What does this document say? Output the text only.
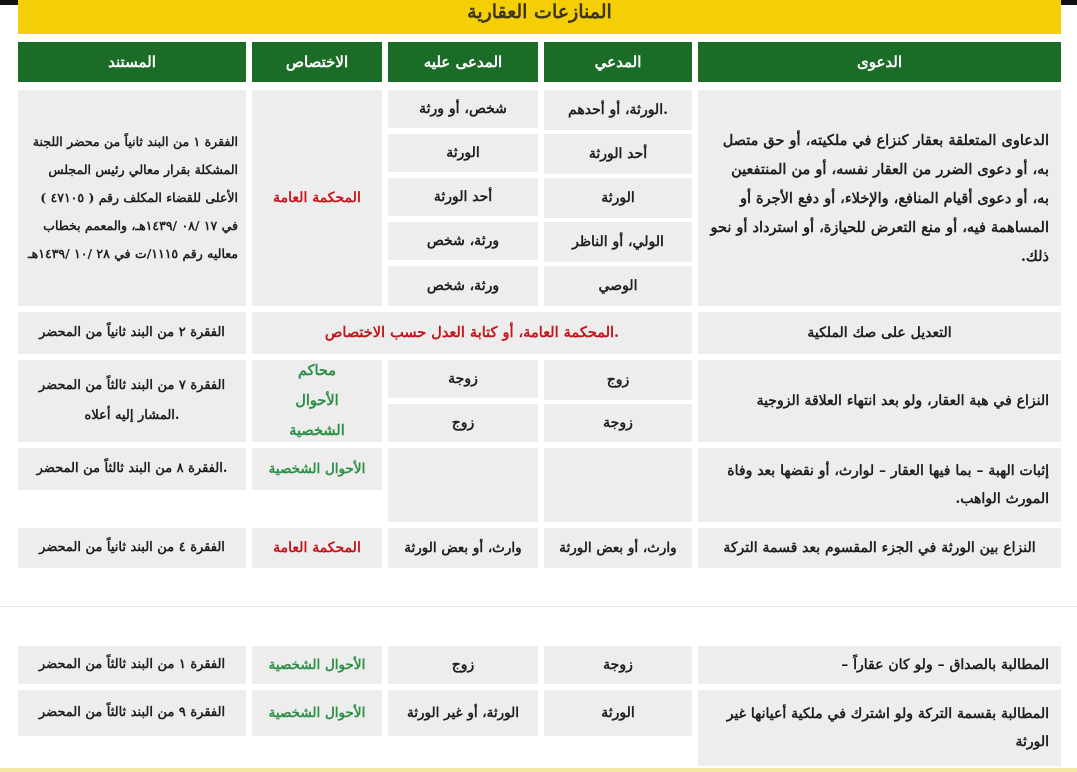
المنازعات العقارية
الدعوى
المدعي
المدعى عليه
الاختصاص
المستند
الدعاوى المتعلقة بعقار كنزاع في ملكيته، أو حق متصل به، أو دعوى الضرر من العقار نفسه، أو من المنتفعين به، أو دعوى أقيام المنافع، والإخلاء، أو دفع الأجرة أو المساهمة فيه، أو منع التعرض للحيازة، أو استرداد أو نحو ذلك.
الورثة، أو أحدهم.
أحد الورثة
الورثة
الولي، أو الناظر
الوصي
شخص، أو ورثة
الورثة
أحد الورثة
ورثة، شخص
ورثة، شخص
المحكمة العامة
الفقرة ١ من البند ثانياً من محضر اللجنة المشكلة بقرار معالي رئيس المجلس الأعلى للقضاء المكلف رقم ( ٤٧١٠٥ ) في ١٧ /٠٨ /١٤٣٩هـ، والمعمم بخطاب معاليه رقم ١١١٥/ت في ٢٨ /١٠ /١٤٣٩هـ
التعديل على صك الملكية
المحكمة العامة، أو كتابة العدل حسب الاختصاص.
الفقرة ٢ من البند ثانياً من المحضر
النزاع في هبة العقار، ولو بعد انتهاء العلاقة الزوجية
زوج
زوجة
زوجة
زوج
محاكم الأحوال الشخصية
الفقرة ٧ من البند ثالثاً من المحضر المشار إليه أعلاه.
إثبات الهبة – بما فيها العقار – لوارث، أو نقضها بعد وفاة المورث الواهب.
الأحوال الشخصية
الفقرة ٨ من البند ثالثاً من المحضر.
النزاع بين الورثة في الجزء المقسوم بعد قسمة التركة
وارث، أو بعض الورثة
وارث، أو بعض الورثة
المحكمة العامة
الفقرة ٤ من البند ثانياً من المحضر
المطالبة بالصداق – ولو كان عقاراً –
زوجة
زوج
الأحوال الشخصية
الفقرة ١ من البند ثالثاً من المحضر
المطالبة بقسمة التركة ولو اشترك في ملكية أعيانها غير الورثة
الورثة
الورثة، أو غير الورثة
الأحوال الشخصية
الفقرة ٩ من البند ثالثاً من المحضر
